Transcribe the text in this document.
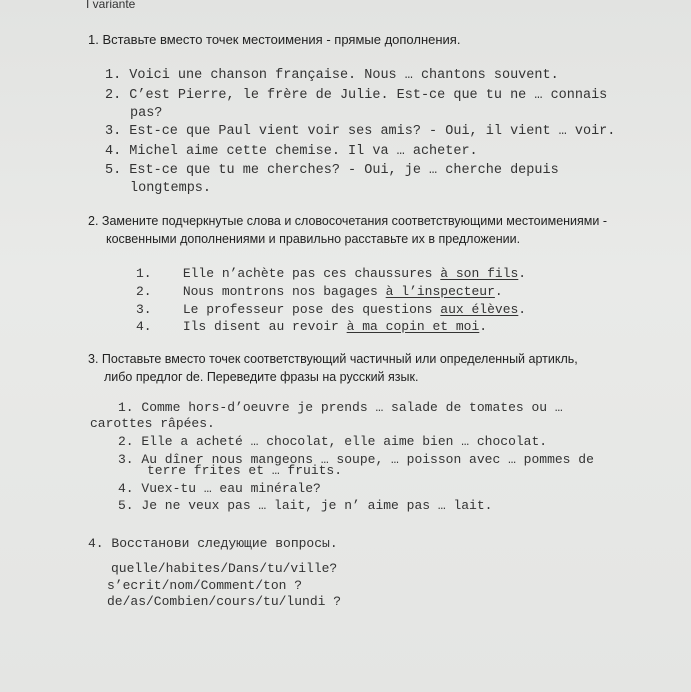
I variante
1. Вставьте вместо точек местоимения - прямые дополнения.
1. Voici une chanson française. Nous … chantons souvent.
2. C’est Pierre, le frère de Julie. Est-ce que tu ne … connais
pas?
3. Est-ce que Paul vient voir ses amis? - Oui, il vient … voir.
4. Michel aime cette chemise. Il va … acheter.
5. Est-ce que tu me cherches? - Oui, je … cherche depuis
longtemps.
2. Замените подчеркнутые слова и словосочетания соответствующими местоимениями -
косвенными дополнениями и правильно расставьте их в предложении.
1. Elle n’achète pas ces chaussures à son fils.
2. Nous montrons nos bagages à l’inspecteur.
3. Le professeur pose des questions aux élèves.
4. Ils disent au revoir à ma copin et moi.
3. Поставьте вместо точек соответствующий частичный или определенный артикль,
либо предлог de. Переведите фразы на русский язык.
1. Comme hors-d’oeuvre je prends … salade de tomates ou …
carottes râpées.
2. Elle a acheté … chocolat, elle aime bien … chocolat.
3. Au dîner nous mangeons … soupe, … poisson avec … pommes de
terre frites et … fruits.
4. Vuex-tu … eau minérale?
5. Je ne veux pas … lait, je n’ aime pas … lait.
4. Восстанови следующие вопросы.
quelle/habites/Dans/tu/ville?
s’ecrit/nom/Comment/ton ?
de/as/Combien/cours/tu/lundi ?
